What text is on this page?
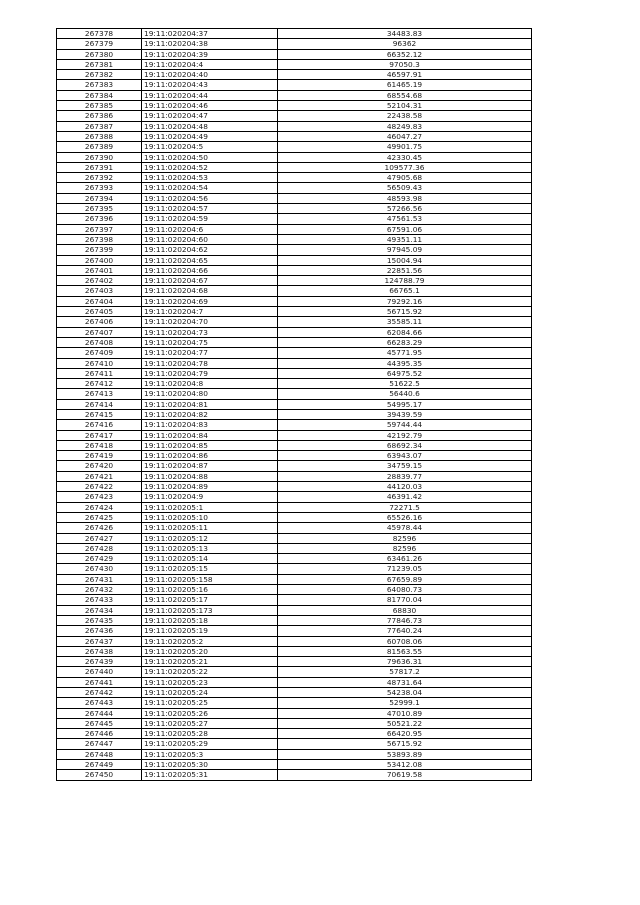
267378	19:11:020204:37	34483.83
267379	19:11:020204:38	96362
267380	19:11:020204:39	66352.12
267381	19:11:020204:4	97050.3
267382	19:11:020204:40	46597.91
267383	19:11:020204:43	61465.19
267384	19:11:020204:44	68554.68
267385	19:11:020204:46	52104.31
267386	19:11:020204:47	22438.58
267387	19:11:020204:48	48249.83
267388	19:11:020204:49	46047.27
267389	19:11:020204:5	49901.75
267390	19:11:020204:50	42330.45
267391	19:11:020204:52	109577.36
267392	19:11:020204:53	47905.68
267393	19:11:020204:54	56509.43
267394	19:11:020204:56	48593.98
267395	19:11:020204:57	57266.56
267396	19:11:020204:59	47561.53
267397	19:11:020204:6	67591.06
267398	19:11:020204:60	49351.11
267399	19:11:020204:62	97945.09
267400	19:11:020204:65	15004.94
267401	19:11:020204:66	22851.56
267402	19:11:020204:67	124788.79
267403	19:11:020204:68	66765.1
267404	19:11:020204:69	79292.16
267405	19:11:020204:7	56715.92
267406	19:11:020204:70	35585.11
267407	19:11:020204:73	62084.66
267408	19:11:020204:75	66283.29
267409	19:11:020204:77	45771.95
267410	19:11:020204:78	44395.35
267411	19:11:020204:79	64975.52
267412	19:11:020204:8	51622.5
267413	19:11:020204:80	56440.6
267414	19:11:020204:81	54995.17
267415	19:11:020204:82	39439.59
267416	19:11:020204:83	59744.44
267417	19:11:020204:84	42192.79
267418	19:11:020204:85	68692.34
267419	19:11:020204:86	63943.07
267420	19:11:020204:87	34759.15
267421	19:11:020204:88	28839.77
267422	19:11:020204:89	44120.03
267423	19:11:020204:9	46391.42
267424	19:11:020205:1	72271.5
267425	19:11:020205:10	65526.16
267426	19:11:020205:11	45978.44
267427	19:11:020205:12	82596
267428	19:11:020205:13	82596
267429	19:11:020205:14	63461.26
267430	19:11:020205:15	71239.05
267431	19:11:020205:158	67659.89
267432	19:11:020205:16	64080.73
267433	19:11:020205:17	81770.04
267434	19:11:020205:173	68830
267435	19:11:020205:18	77846.73
267436	19:11:020205:19	77640.24
267437	19:11:020205:2	60708.06
267438	19:11:020205:20	81563.55
267439	19:11:020205:21	79636.31
267440	19:11:020205:22	57817.2
267441	19:11:020205:23	48731.64
267442	19:11:020205:24	54238.04
267443	19:11:020205:25	52999.1
267444	19:11:020205:26	47010.89
267445	19:11:020205:27	50521.22
267446	19:11:020205:28	66420.95
267447	19:11:020205:29	56715.92
267448	19:11:020205:3	53893.89
267449	19:11:020205:30	53412.08
267450	19:11:020205:31	70619.58
